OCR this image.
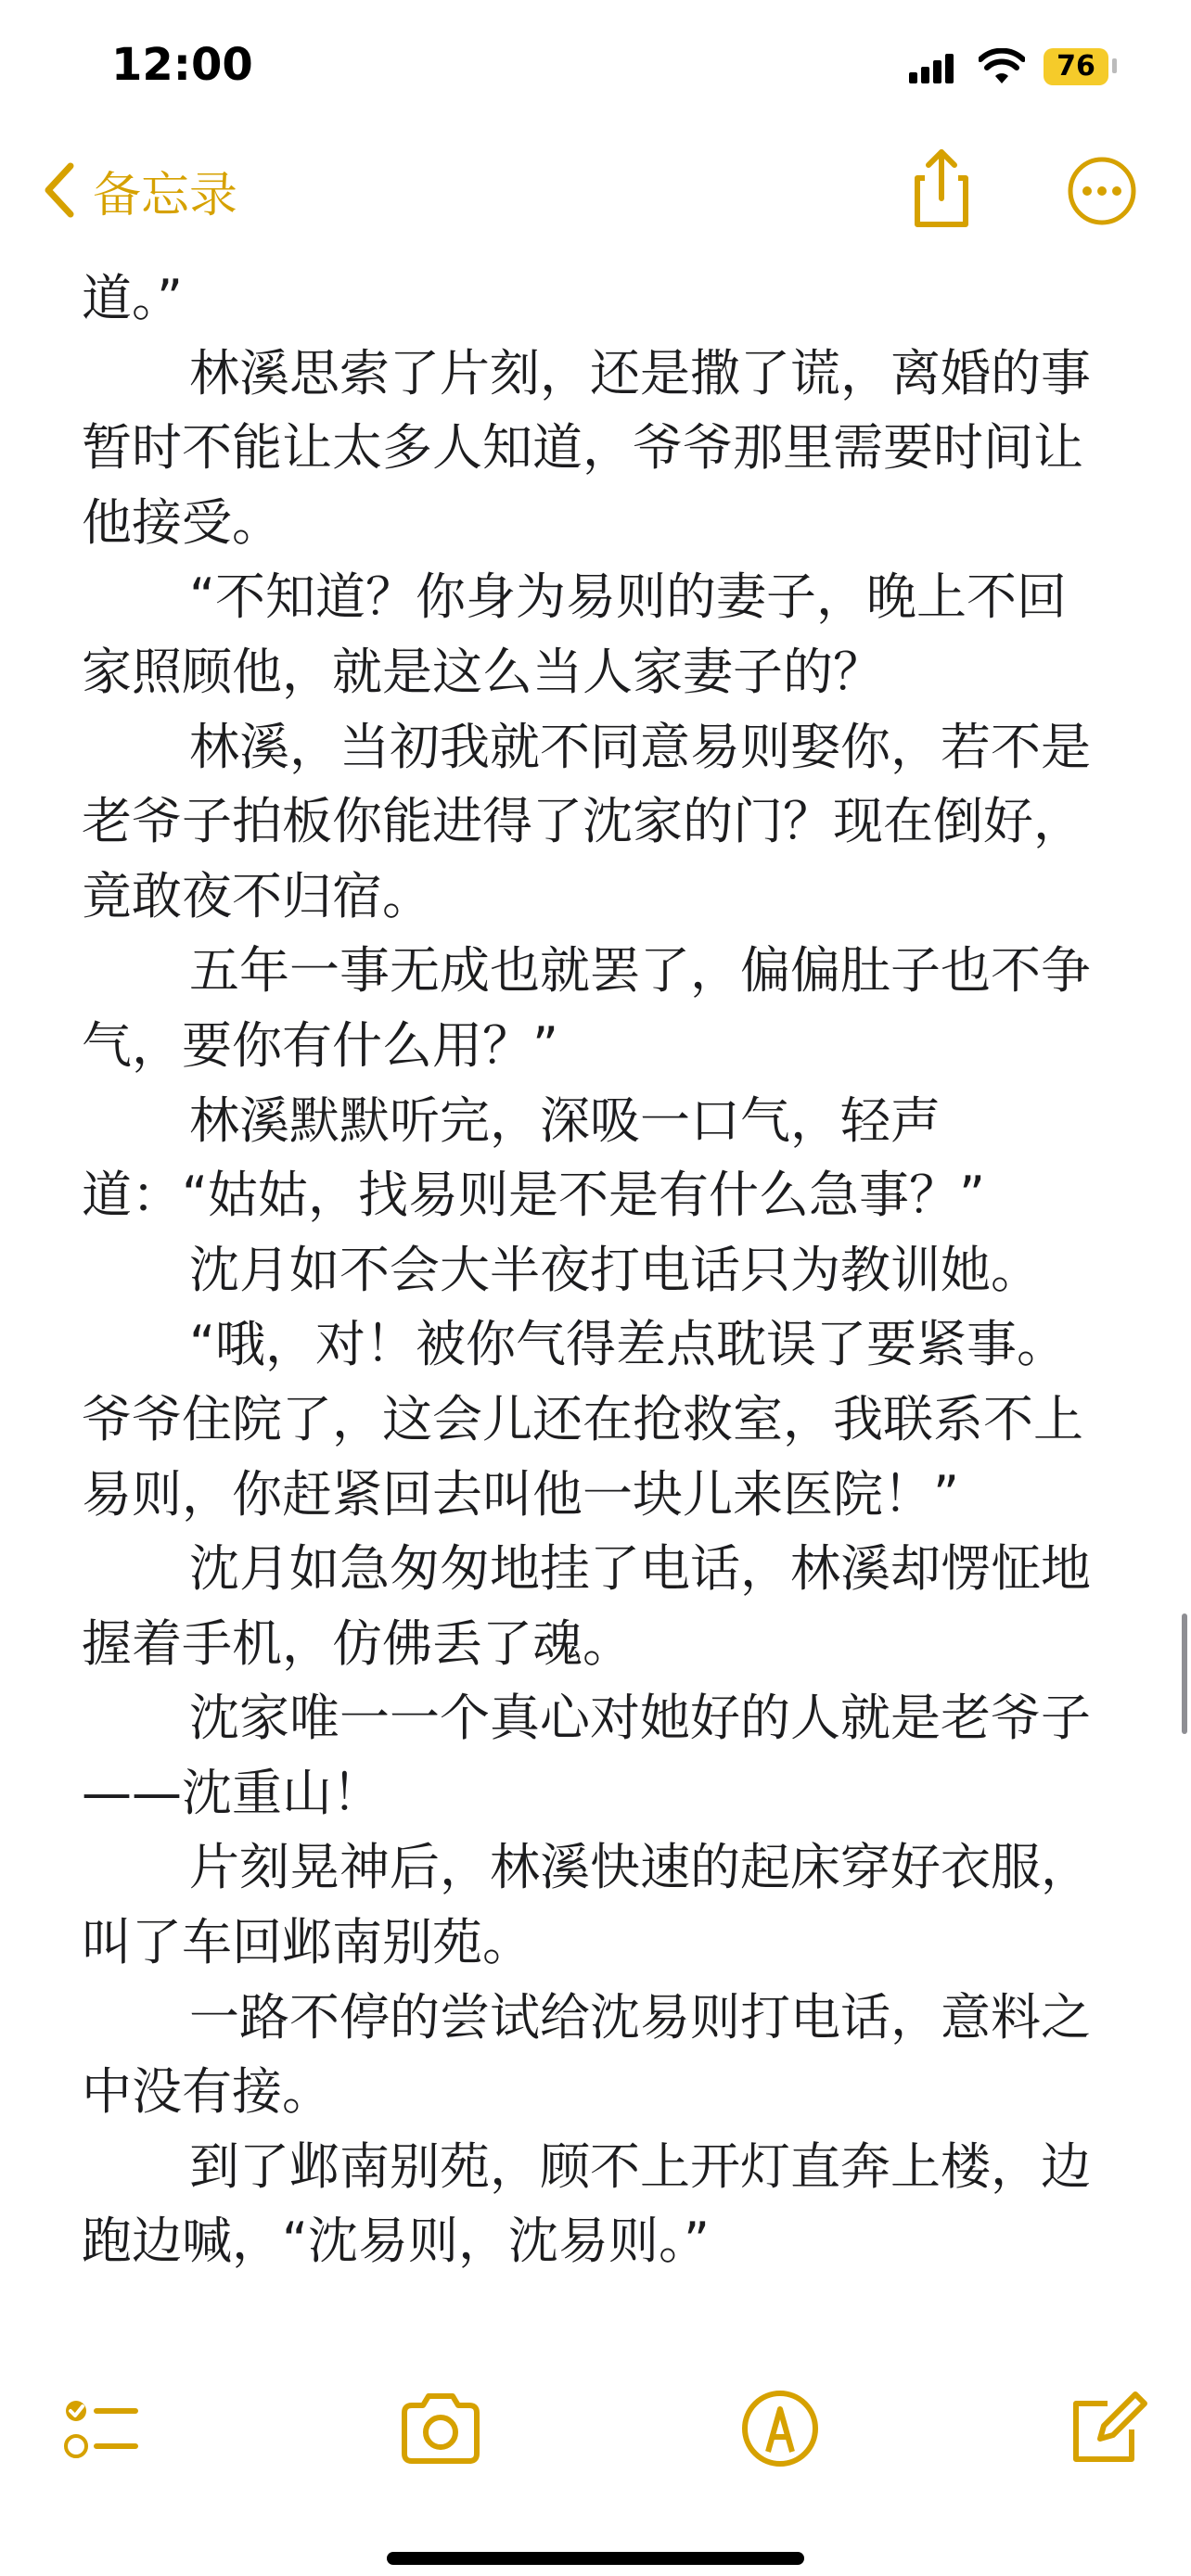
12:00	76

备忘录

道。”

林溪思索了片刻，还是撒了谎，离婚的事暂时不能让太多人知道，爷爷那里需要时间让他接受。

“不知道？你身为易则的妻子，晚上不回家照顾他，就是这么当人家妻子的？

林溪，当初我就不同意易则娶你，若不是老爷子拍板你能进得了沈家的门？现在倒好，竟敢夜不归宿。

五年一事无成也就罢了，偏偏肚子也不争气，要你有什么用？”

林溪默默听完，深吸一口气，轻声道：“姑姑，找易则是不是有什么急事？”

沈月如不会大半夜打电话只为教训她。

“哦，对！被你气得差点耽误了要紧事。爷爷住院了，这会儿还在抢救室，我联系不上易则，你赶紧回去叫他一块儿来医院！”

沈月如急匆匆地挂了电话，林溪却愣怔地握着手机，仿佛丢了魂。

沈家唯一一个真心对她好的人就是老爷子——沈重山！

片刻晃神后，林溪快速的起床穿好衣服，叫了车回邺南别苑。

一路不停的尝试给沈易则打电话，意料之中没有接。

到了邺南别苑，顾不上开灯直奔上楼，边跑边喊，“沈易则，沈易则。”
